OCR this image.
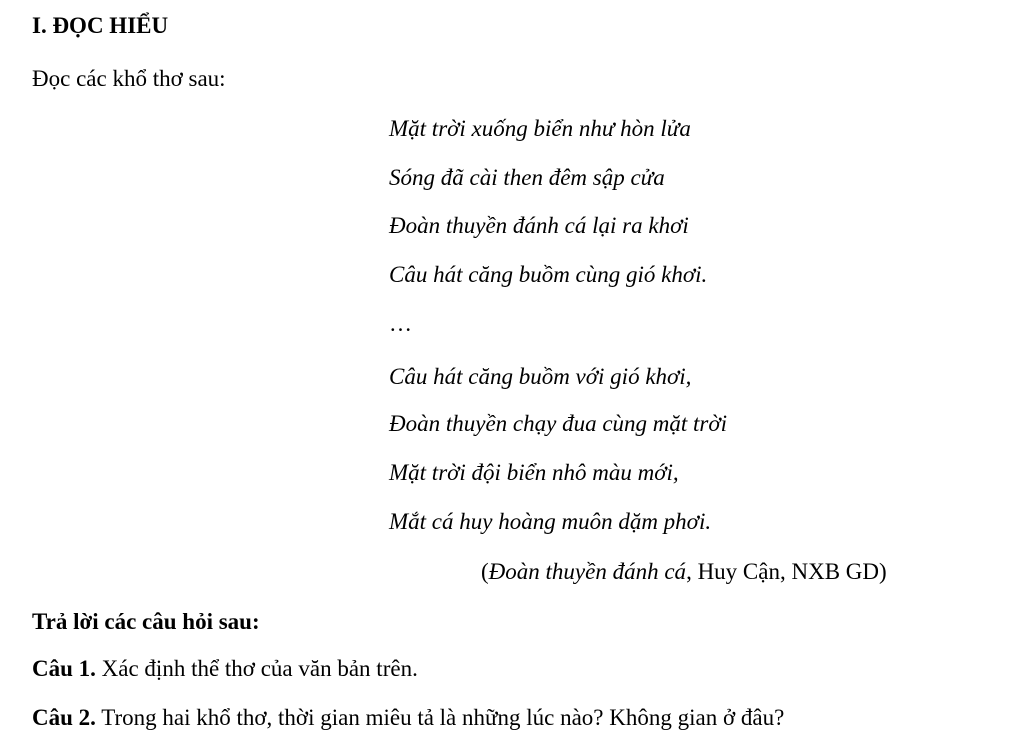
I. ĐỌC HIỂU
Đọc các khổ thơ sau:
Mặt trời xuống biển như hòn lửa
Sóng đã cài then đêm sập cửa
Đoàn thuyền đánh cá lại ra khơi
Câu hát căng buồm cùng gió khơi.
…
Câu hát căng buồm với gió khơi,
Đoàn thuyền chạy đua cùng mặt trời
Mặt trời đội biển nhô màu mới,
Mắt cá huy hoàng muôn dặm phơi.
(Đoàn thuyền đánh cá, Huy Cận, NXB GD)
Trả lời các câu hỏi sau:
Câu 1. Xác định thể thơ của văn bản trên.
Câu 2. Trong hai khổ thơ, thời gian miêu tả là những lúc nào? Không gian ở đâu?
